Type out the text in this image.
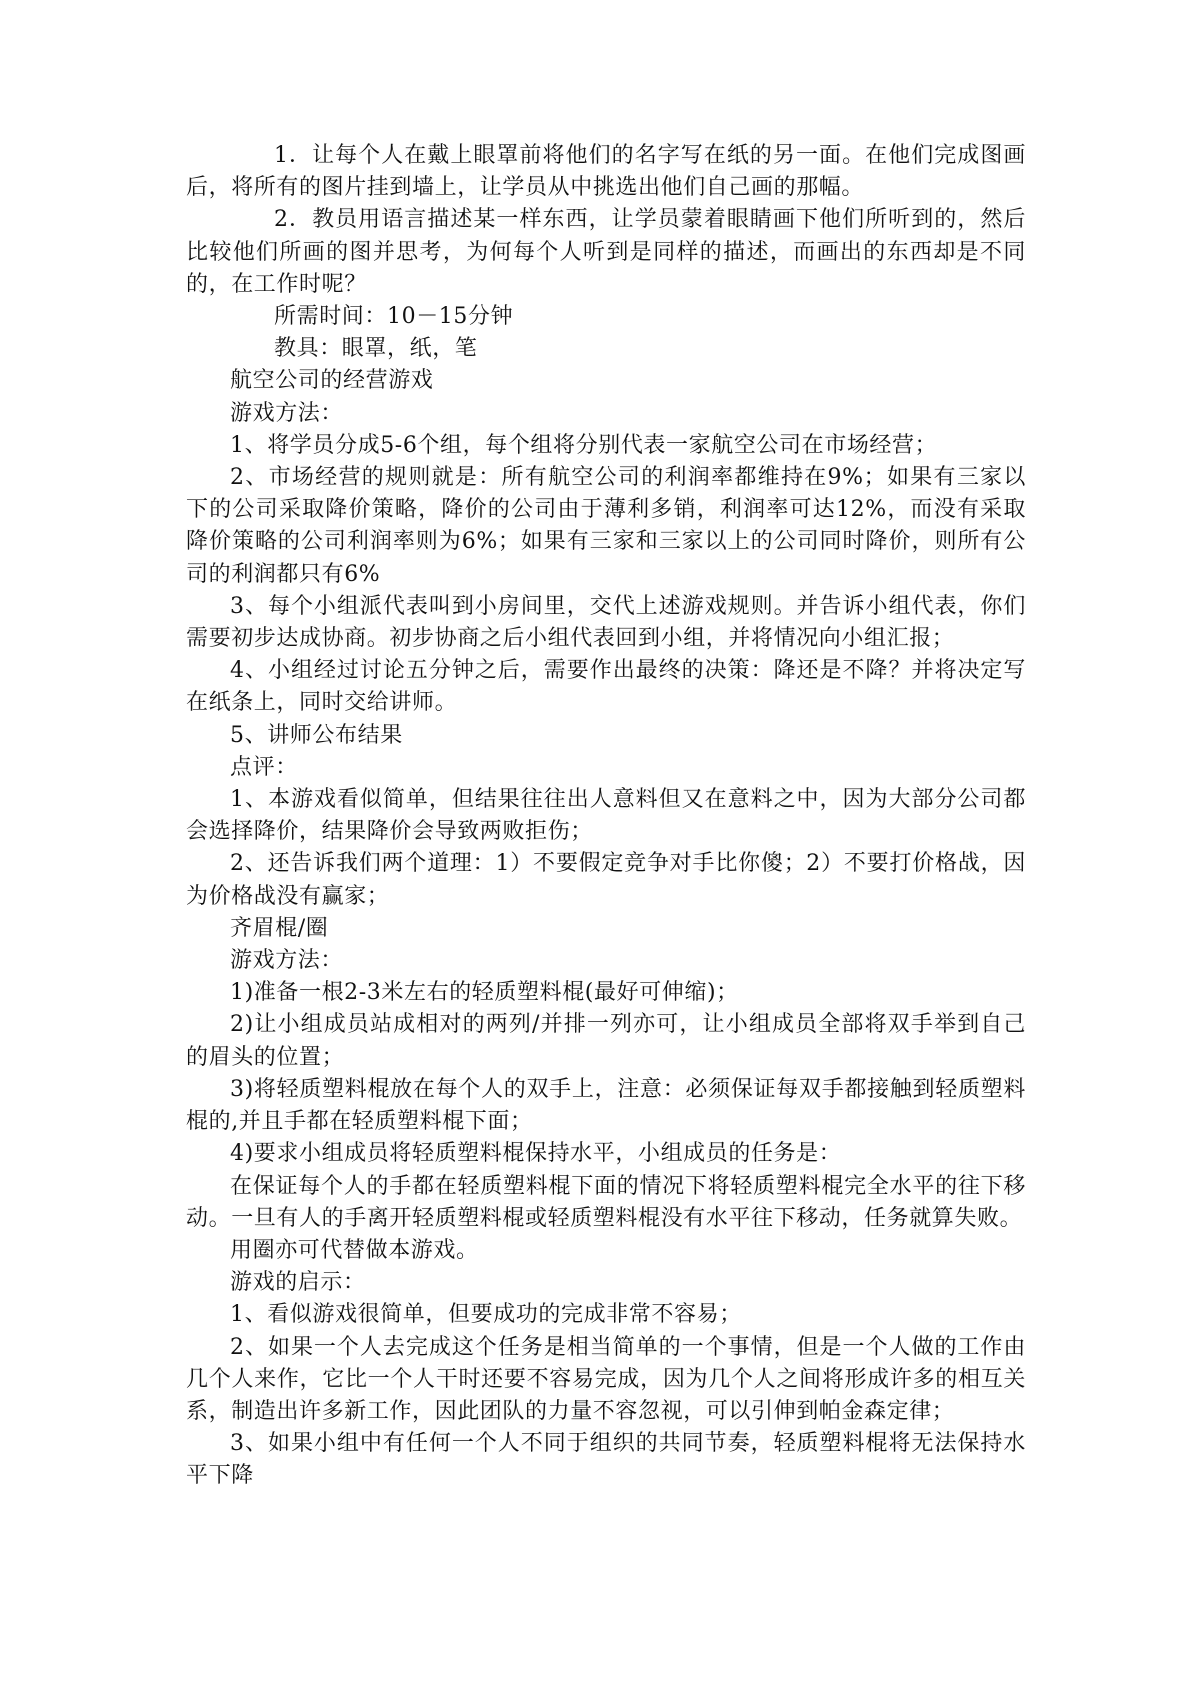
1．让每个人在戴上眼罩前将他们的名字写在纸的另一面。在他们完成图画后，将所有的图片挂到墙上，让学员从中挑选出他们自己画的那幅。

2．教员用语言描述某一样东西，让学员蒙着眼睛画下他们所听到的，然后比较他们所画的图并思考，为何每个人听到是同样的描述，而画出的东西却是不同的，在工作时呢？

所需时间：10－15分钟

教具：眼罩，纸，笔

航空公司的经营游戏

游戏方法：

1、将学员分成5-6个组，每个组将分别代表一家航空公司在市场经营；

2、市场经营的规则就是：所有航空公司的利润率都维持在9%；如果有三家以下的公司采取降价策略，降价的公司由于薄利多销，利润率可达12%，而没有采取降价策略的公司利润率则为6%；如果有三家和三家以上的公司同时降价，则所有公司的利润都只有6%

3、每个小组派代表叫到小房间里，交代上述游戏规则。并告诉小组代表，你们需要初步达成协商。初步协商之后小组代表回到小组，并将情况向小组汇报；

4、小组经过讨论五分钟之后，需要作出最终的决策：降还是不降？并将决定写在纸条上，同时交给讲师。

5、讲师公布结果

点评：

1、本游戏看似简单，但结果往往出人意料但又在意料之中，因为大部分公司都会选择降价，结果降价会导致两败拒伤；

2、还告诉我们两个道理：1）不要假定竞争对手比你傻；2）不要打价格战，因为价格战没有赢家；

齐眉棍/圈

游戏方法：

1)准备一根2-3米左右的轻质塑料棍(最好可伸缩)；

2)让小组成员站成相对的两列/并排一列亦可，让小组成员全部将双手举到自己的眉头的位置；

3)将轻质塑料棍放在每个人的双手上，注意：必须保证每双手都接触到轻质塑料棍的,并且手都在轻质塑料棍下面；

4)要求小组成员将轻质塑料棍保持水平，小组成员的任务是：

在保证每个人的手都在轻质塑料棍下面的情况下将轻质塑料棍完全水平的往下移动。一旦有人的手离开轻质塑料棍或轻质塑料棍没有水平往下移动，任务就算失败。

用圈亦可代替做本游戏。

游戏的启示：

1、看似游戏很简单，但要成功的完成非常不容易；

2、如果一个人去完成这个任务是相当简单的一个事情，但是一个人做的工作由几个人来作，它比一个人干时还要不容易完成，因为几个人之间将形成许多的相互关系，制造出许多新工作，因此团队的力量不容忽视，可以引伸到帕金森定律；

3、如果小组中有任何一个人不同于组织的共同节奏，轻质塑料棍将无法保持水平下降
